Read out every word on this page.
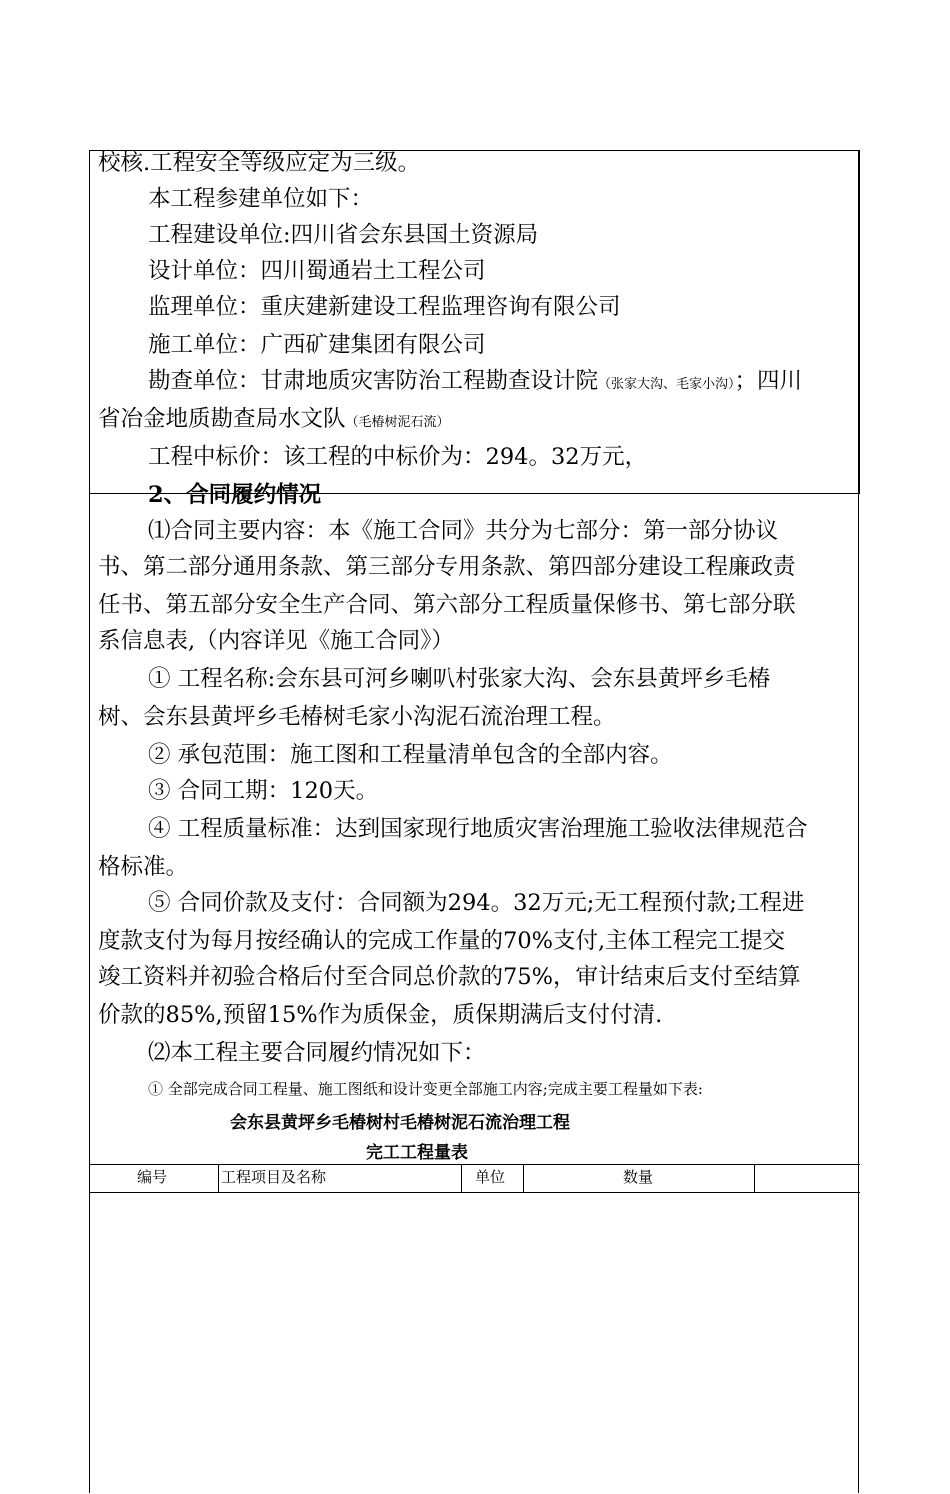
校核.工程安全等级应定为三级。
本工程参建单位如下：
工程建设单位:四川省会东县国土资源局
设计单位：四川蜀通岩土工程公司
监理单位：重庆建新建设工程监理咨询有限公司
施工单位：广西矿建集团有限公司
勘查单位：甘肃地质灾害防治工程勘查设计院（张家大沟、毛家小沟）；四川
省冶金地质勘查局水文队（毛椿树泥石流）
工程中标价：该工程的中标价为：294。32万元，
2、合同履约情况
⑴合同主要内容：本《施工合同》共分为七部分：第一部分协议
书、第二部分通用条款、第三部分专用条款、第四部分建设工程廉政责
任书、第五部分安全生产合同、第六部分工程质量保修书、第七部分联
系信息表,（内容详见《施工合同》）
① 工程名称:会东县可河乡喇叭村张家大沟、会东县黄坪乡毛椿
树、会东县黄坪乡毛椿树毛家小沟泥石流治理工程。
② 承包范围：施工图和工程量清单包含的全部内容。
③ 合同工期：120天。
④ 工程质量标准：达到国家现行地质灾害治理施工验收法律规范合
格标准。
⑤ 合同价款及支付：合同额为294。32万元;无工程预付款;工程进
度款支付为每月按经确认的完成工作量的70%支付,主体工程完工提交
竣工资料并初验合格后付至合同总价款的75%，审计结束后支付至结算
价款的85%,预留15%作为质保金，质保期满后支付付清.
⑵本工程主要合同履约情况如下：
① 全部完成合同工程量、施工图纸和设计变更全部施工内容;完成主要工程量如下表:
会东县黄坪乡毛椿树村毛椿树泥石流治理工程
完工工程量表
编号	工程项目及名称	单位	数量
